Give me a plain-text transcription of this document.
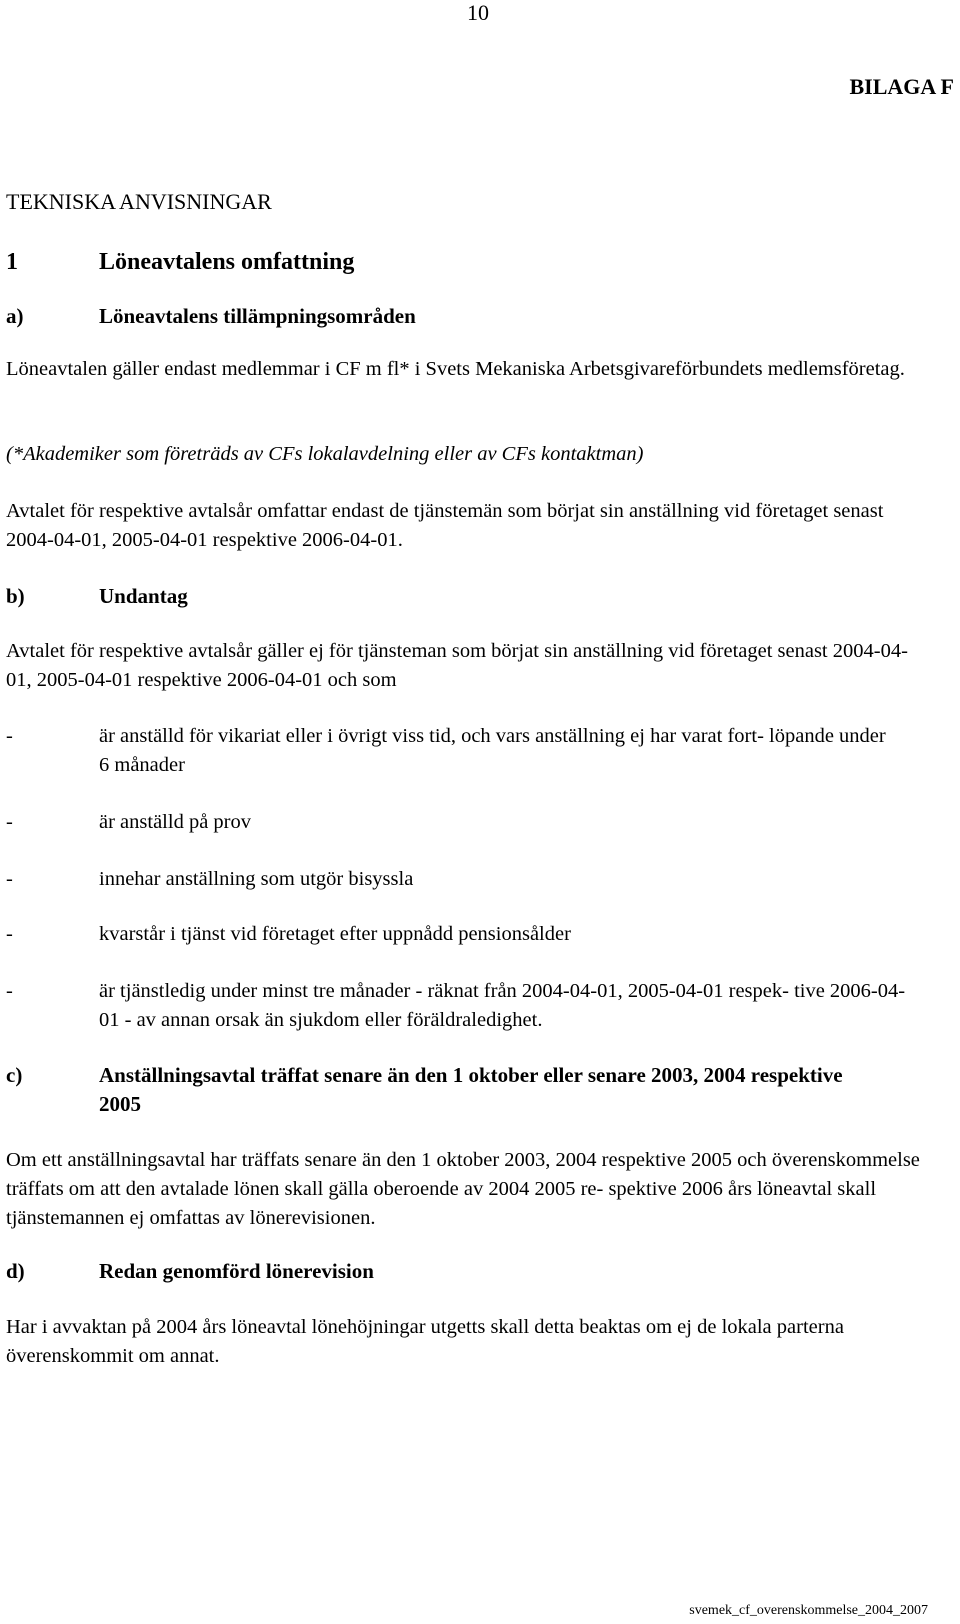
10
BILAGA F
TEKNISKA ANVISNINGAR
1	Löneavtalens omfattning
a)	Löneavtalens tillämpningsområden
Löneavtalen gäller endast medlemmar i CF m fl* i Svets Mekaniska Arbetsgivareförbundets medlemsföretag.
(*Akademiker som företräds av CFs lokalavdelning eller av CFs kontaktman)
Avtalet för respektive avtalsår omfattar endast de tjänstemän som börjat sin anställning vid företaget senast 2004-04-01, 2005-04-01 respektive 2006-04-01.
b)	Undantag
Avtalet för respektive avtalsår gäller ej för tjänsteman som börjat sin anställning vid företaget senast 2004-04-01, 2005-04-01 respektive 2006-04-01 och som
-	är anställd för vikariat eller i övrigt viss tid, och vars anställning ej har varat fort- löpande under 6 månader
-	är anställd på prov
-	innehar anställning som utgör bisyssla
-	kvarstår i tjänst vid företaget efter uppnådd pensionsålder
-	är tjänstledig under minst tre månader - räknat från 2004-04-01, 2005-04-01 respek- tive 2006-04-01 - av annan orsak än sjukdom eller föräldraledighet.
c)	Anställningsavtal träffat senare än den 1 oktober eller senare 2003, 2004 respektive 2005
Om ett anställningsavtal har träffats senare än den 1 oktober 2003, 2004 respektive 2005 och överenskommelse träffats om att den avtalade lönen skall gälla oberoende av 2004 2005 re- spektive 2006 års löneavtal skall tjänstemannen ej omfattas av lönerevisionen.
d)	Redan genomförd lönerevision
Har i avvaktan på 2004 års löneavtal lönehöjningar utgetts skall detta beaktas om ej de lokala parterna överenskommit om annat.
svemek_cf_overenskommelse_2004_2007
